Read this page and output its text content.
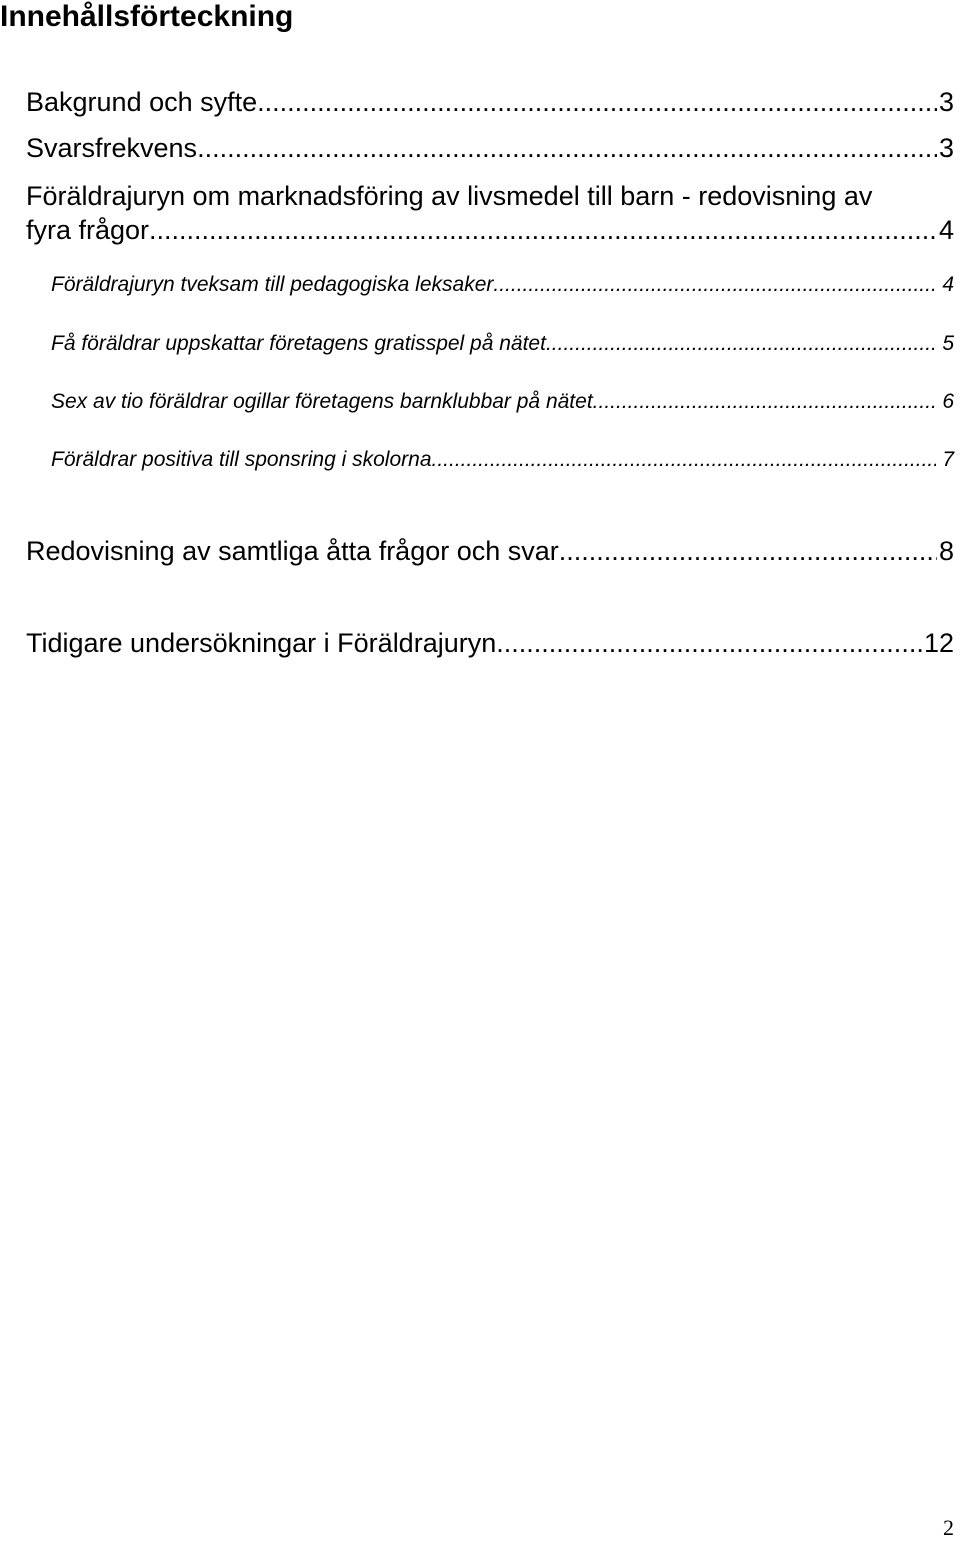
Innehållsförteckning
Bakgrund och syfte .....	3
Svarsfrekvens .....	3
Föräldrajuryn om marknadsföring av livsmedel till barn - redovisning av
fyra frågor .....	4
Föräldrajuryn tveksam till pedagogiska leksaker .....	4
Få föräldrar uppskattar företagens gratisspel på nätet .....	5
Sex av tio föräldrar ogillar företagens barnklubbar på nätet .....	6
Föräldrar positiva till sponsring i skolorna .....	7
Redovisning av samtliga åtta frågor och svar .....	8
Tidigare undersökningar i Föräldrajuryn .....	12
2
